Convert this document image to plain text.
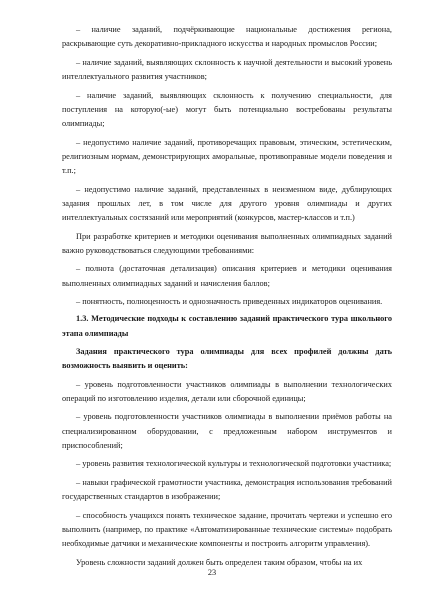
– наличие заданий, подчёркивающие национальные достижения региона, раскрывающие суть декоративно-прикладного искусства и народных промыслов России;

– наличие заданий, выявляющих склонность к научной деятельности и высокий уровень интеллектуального развития участников;

– наличие заданий, выявляющих склонность к получению специальности, для поступления на которую(-ые) могут быть потенциально востребованы результаты олимпиады;

– недопустимо наличие заданий, противоречащих правовым, этическим, эстетическим, религиозным нормам, демонстрирующих аморальные, противоправные модели поведения и т.п.;

– недопустимо наличие заданий, представленных в неизменном виде, дублирующих задания прошлых лет, в том числе для другого уровня олимпиады и других интеллектуальных состязаний или мероприятий (конкурсов, мастер-классов и т.п.)

При разработке критериев и методики оценивания выполненных олимпиадных заданий важно руководствоваться следующими требованиями:

– полнота (достаточная детализация) описания критериев и методики оценивания выполненных олимпиадных заданий и начисления баллов;

– понятность, полноценность и однозначность приведенных индикаторов оценивания.

1.3. Методические подходы к составлению заданий практического тура школьного этапа олимпиады

Задания практического тура олимпиады для всех профилей должны дать возможность выявить и оценить:

– уровень подготовленности участников олимпиады в выполнении технологических операций по изготовлению изделия, детали или сборочной единицы;

– уровень подготовленности участников олимпиады в выполнении приёмов работы на специализированном оборудовании, с предложенным набором инструментов и приспособлений;

– уровень развития технологической культуры и технологической подготовки участника;

– навыки графической грамотности участника, демонстрация использования требований государственных стандартов в изображении;

– способность учащихся понять техническое задание, прочитать чертежи и успешно его выполнить (например, по практике «Автоматизированные технические системы» подобрать необходимые датчики и механические компоненты и построить алгоритм управления).

Уровень сложности заданий должен быть определен таким образом, чтобы на их

23
